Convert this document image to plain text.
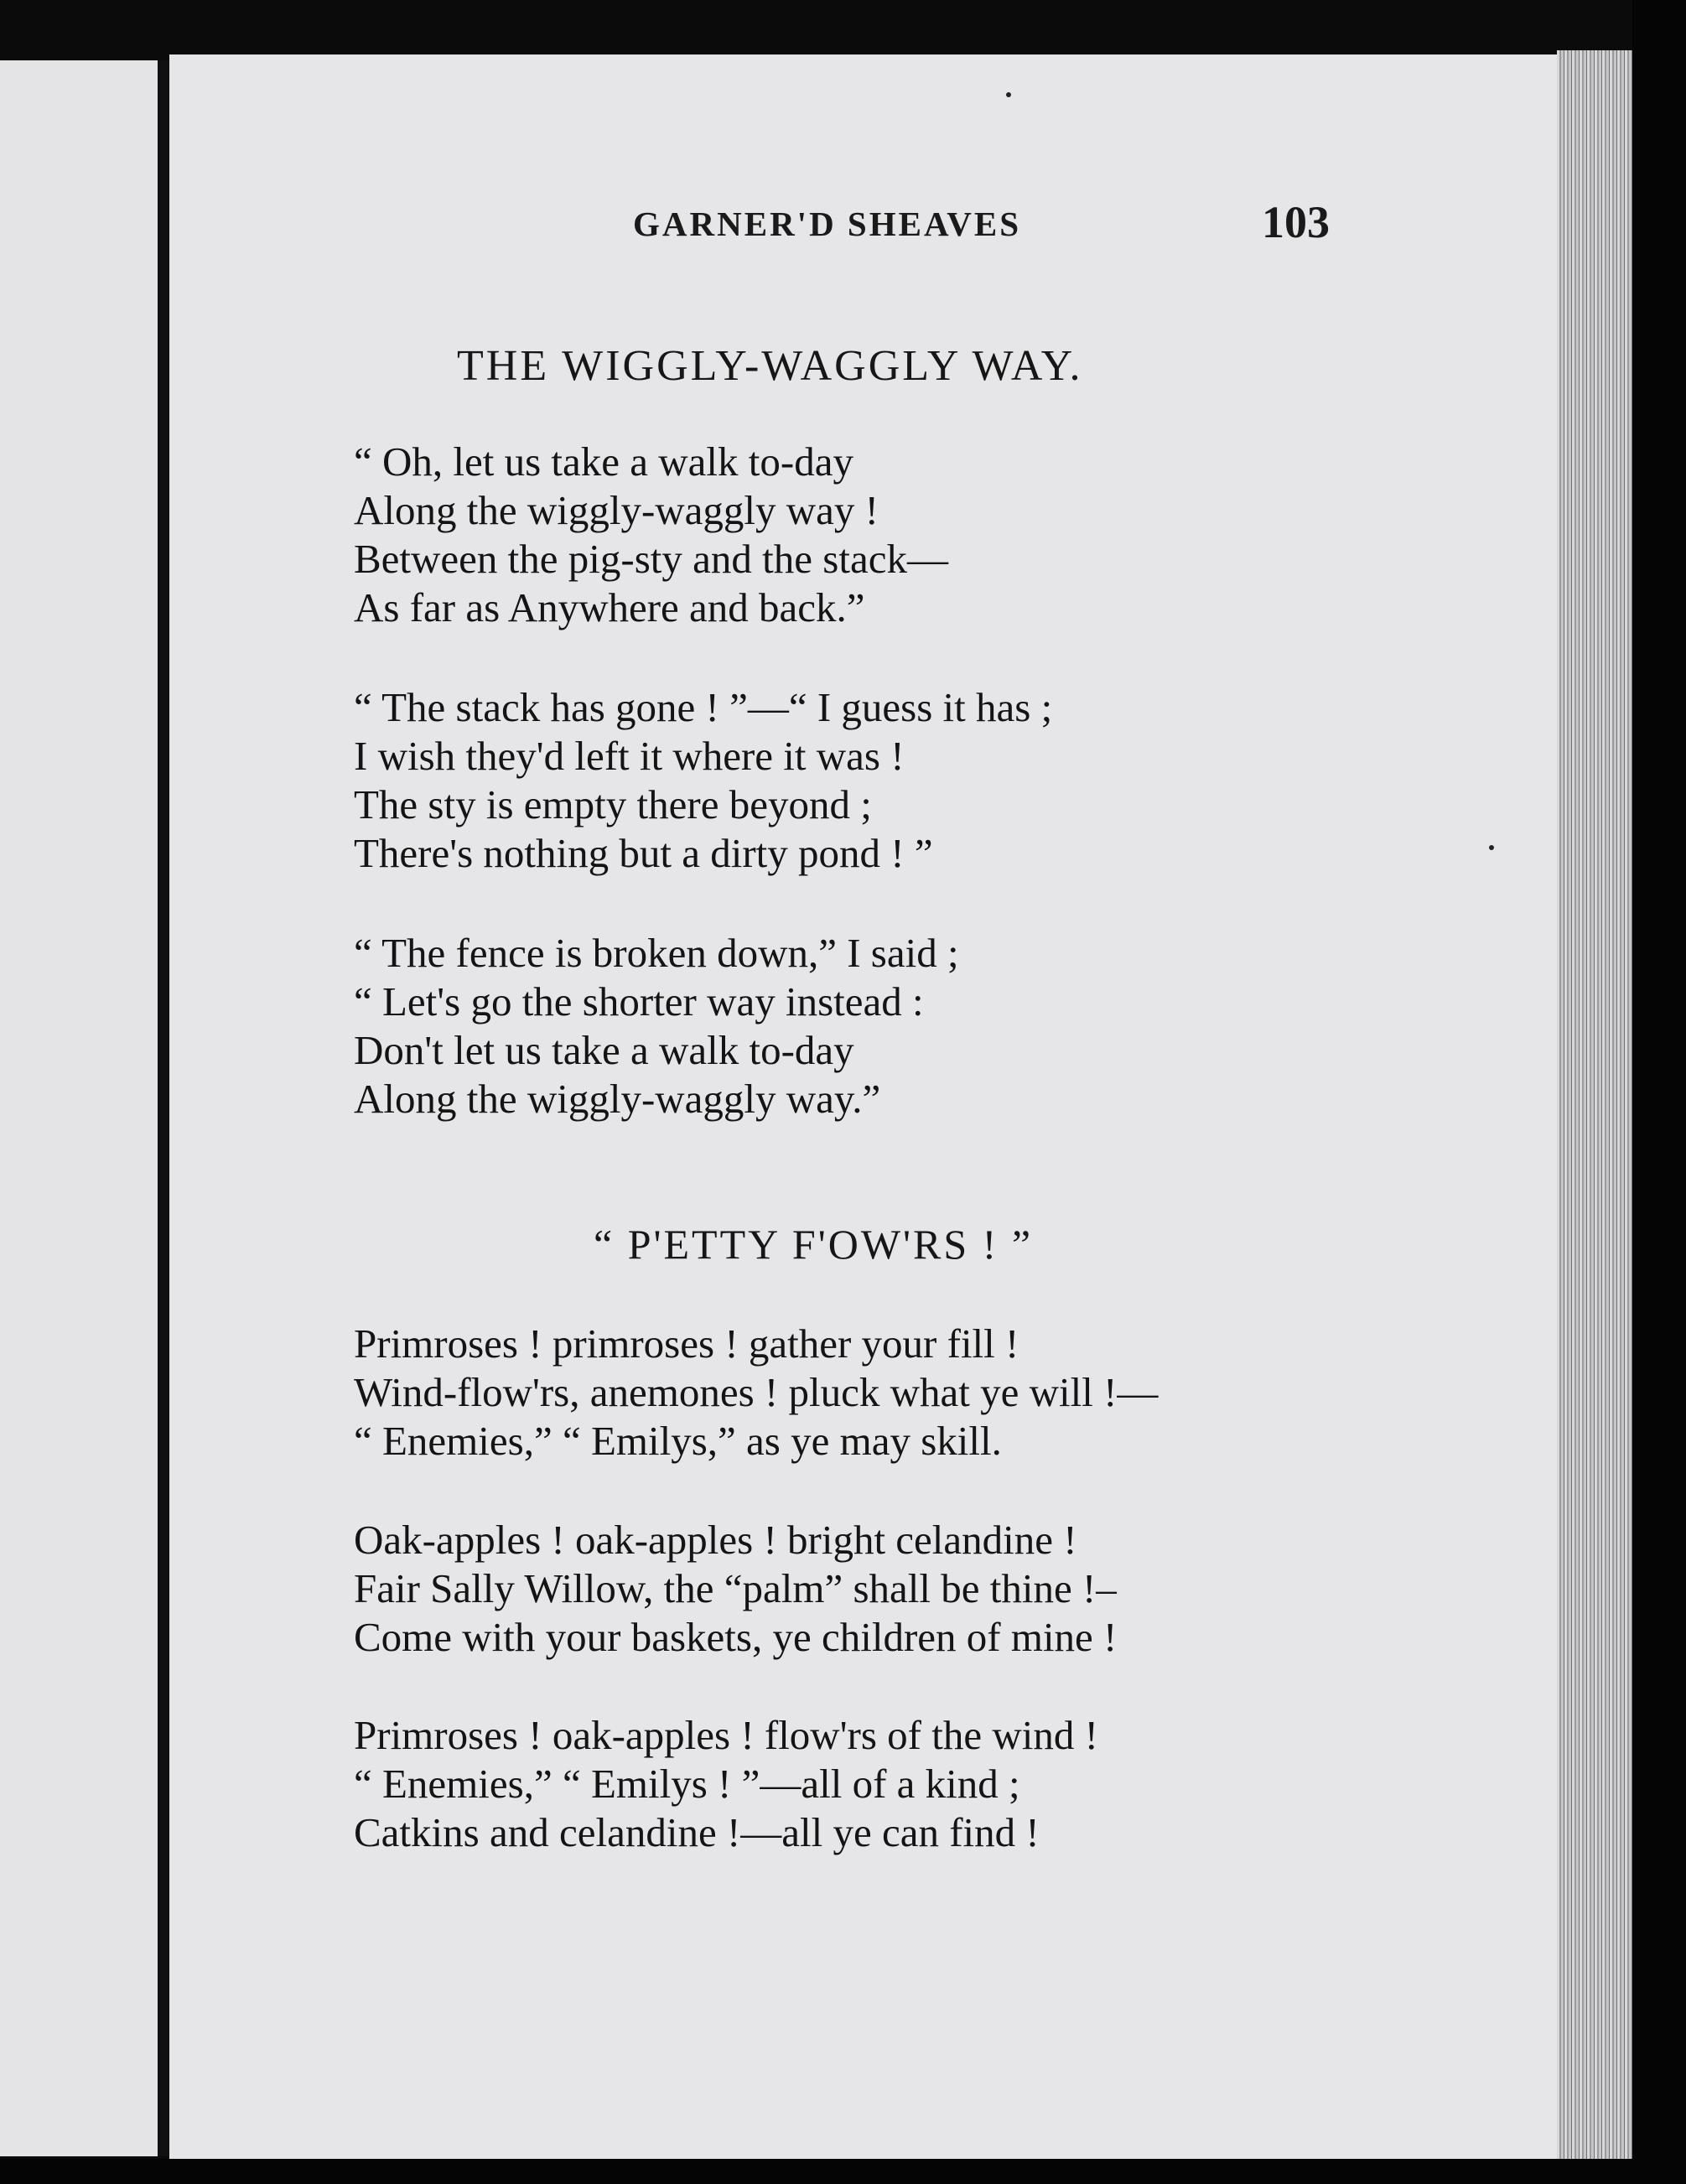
GARNER'D SHEAVES	103
THE WIGGLY-WAGGLY WAY.
“ Oh, let us take a walk to-day
Along the wiggly-waggly way !
Between the pig-sty and the stack—
As far as Anywhere and back.”
“ The stack has gone ! ”—“ I guess it has ;
I wish they'd left it where it was !
The sty is empty there beyond ;
There's nothing but a dirty pond ! ”
“ The fence is broken down,” I said ;
“ Let's go the shorter way instead :
Don't let us take a walk to-day
Along the wiggly-waggly way.”
“ P'ETTY F'OW'RS ! ”
Primroses ! primroses ! gather your fill !
Wind-flow'rs, anemones ! pluck what ye will !—
“ Enemies,” “ Emilys,” as ye may skill.
Oak-apples ! oak-apples ! bright celandine !
Fair Sally Willow, the “palm” shall be thine !–
Come with your baskets, ye children of mine !
Primroses ! oak-apples ! flow'rs of the wind !
“ Enemies,” “ Emilys ! ”—all of a kind ;
Catkins and celandine !—all ye can find !
